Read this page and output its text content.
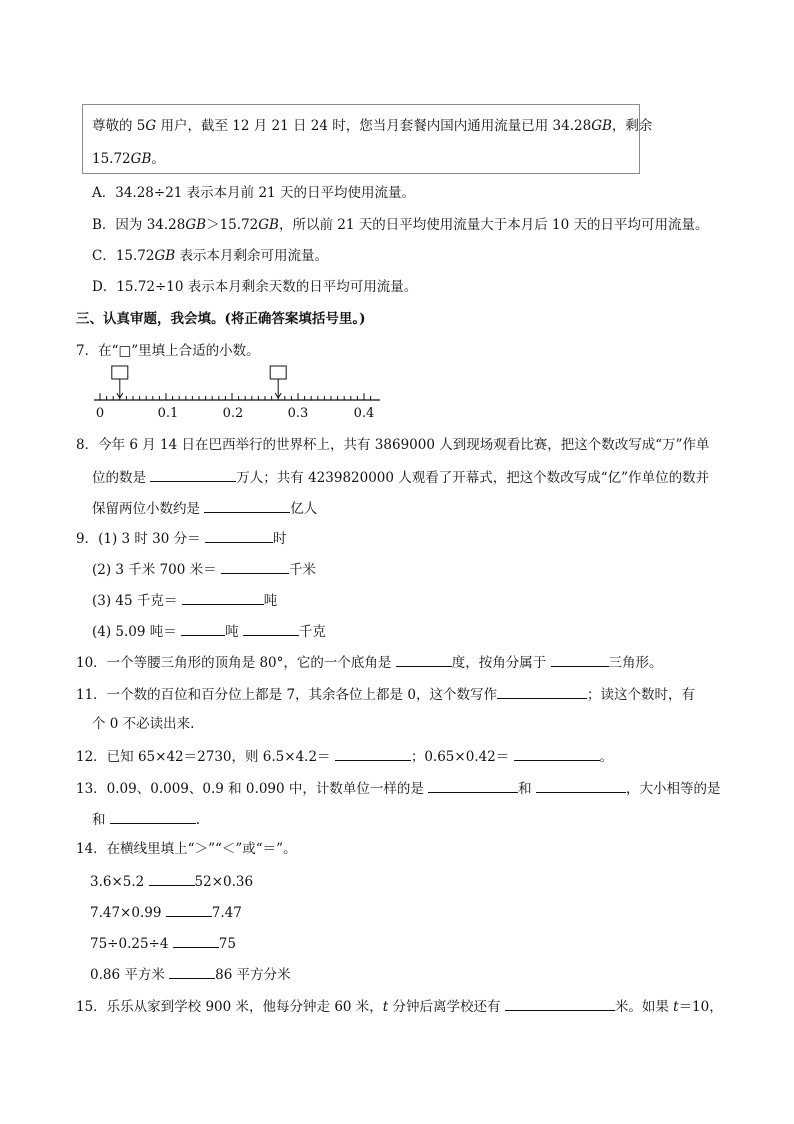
尊敬的 5G 用户，截至 12 月 21 日 24 时，您当月套餐内国内通用流量已用 34.28GB，剩余
15.72GB。
A．34.28÷21 表示本月前 21 天的日平均使用流量。
B．因为 34.28GB＞15.72GB，所以前 21 天的日平均使用流量大于本月后 10 天的日平均可用流量。
C．15.72GB 表示本月剩余可用流量。
D．15.72÷10 表示本月剩余天数的日平均可用流量。
三、认真审题，我会填。(将正确答案填括号里。)
7．在“□”里填上合适的小数。
0	0.1	0.2	0.3	0.4
8．今年 6 月 14 日在巴西举行的世界杯上，共有 3869000 人到现场观看比赛，把这个数改写成“万”作单
位的数是	万人；共有 4239820000 人观看了开幕式，把这个数改写成“亿”作单位的数并
保留两位小数约是	亿人
9．(1) 3 时 30 分＝	时
(2) 3 千米 700 米＝	千米
(3) 45 千克＝	吨
(4) 5.09 吨＝	吨	千克
10．一个等腰三角形的顶角是 80°，它的一个底角是	度，按角分属于	三角形。
11．一个数的百位和百分位上都是 7，其余各位上都是 0，这个数写作	；读这个数时，有
个 0 不必读出来.
12．已知 65×42＝2730，则 6.5×4.2＝	；0.65×0.42＝	。
13．0.09、0.009、0.9 和 0.090 中，计数单位一样的是	和	，大小相等的是
和	.
14．在横线里填上“＞”“＜”或“＝”。
3.6×5.2	52×0.36
7.47×0.99	7.47
75÷0.25÷4	75
0.86 平方米	86 平方分米
15．乐乐从家到学校 900 米，他每分钟走 60 米，t 分钟后离学校还有	米。如果 t＝10，
